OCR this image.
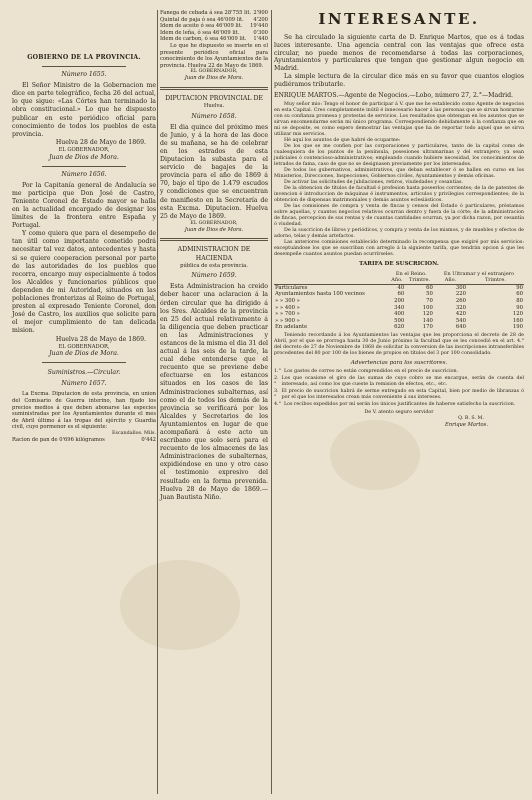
GOBIERNO DE LA PROVINCIA.
Número 1655.

El Señor Ministro de la Gobernacion me dice en parte telegráfico, fecha 26 del actual, lo que sigue: «Las Córtes han terminado la obra constitucional.» Lo que he dispuesto publicar en este periódico oficial para conocimiento de todos los pueblos de esta provincia.

Huelva 28 de Mayo de 1869.
EL GOBERNADOR,
Juan de Dios de Mora.
Número 1656.

Por la Capitanía general de Andalucía se me participa que Don José de Castro, Teniente Coronel de Estado mayor se halla en la actualidad encargado de designar los límites de la frontera entre España y Portugal.

Y como quiera que para el desempeño de tan útil como importante cometido podrá necesitar tal vez datos, antecedentes y hasta si se quiere cooperacion personal por parte de las autoridades de los pueblos que recorra, encargo muy especialmente á todos los Alcaldes y funcionarios públicos que dependen de mi Autoridad, situados en las poblaciones fronterizas al Reino de Portugal, presten al expresado Teniente Coronel, don José de Castro, los auxilios que solicite para el mejor cumplimiento de tan delicada mision.

Huelva 28 de Mayo de 1869.
EL GOBERNADOR,
Juan de Dios de Mora.
Suministros.—Circular.
Número 1657.

La Excma. Diputacion de esta provincia, en union del Comisario de Guerra interino, han fijado los precios medios á que deben abonarse las especies suministradas por los Ayuntamientos durante el mes de Abril último á las tropas del ejército y Guardia civil, cuyo pormenor es el siguiente:

Escandallos. Mils.
Racion de pan de 0'696 kilógramos	0'442
Fanega de cebada á sea 28'755 lit. 2'900
Quintal de paja ó sea 46'009 lit. 4'200
Idem de aceite ó sea 46'009 lit. 19'440
Idem de leña, ó sea 46'009 lit.	0'300
Idem de carbon, ó sea 46'009 lit. 1'440

Lo que he dispuesto se inserte en el presente periódico oficial para conocimiento de los Ayuntamientos de la provincia. Huelva 22 de Mayo de 1869.

EL GOBERNADOR,
Juan de Dios de Mora.
DIPUTACION PROVINCIAL DE
Huelva.
Número 1658.

El dia quince del próximo mes de Junio, y á la hora de las doce de su mañana, se ha de celebrar en los estrados de esta Diputacion la subasta para el servicio de bagajes de la provincia para el año de 1869 á 70, bajo el tipo de 1.479 escudos y condiciones que se encuentran de manifiesto en la Secretaría de esta Excma. Diputacion. Huelva 25 de Mayo de 1869.

EL GOBERNADOR,
Juan de Dios de Mora.
ADMINISTRACION DE HACIENDA
pública de esta provincia.
Número 1659.

Esta Administracion ha creido deber hacer una aclaracion á la órden circular que ha dirigido á los Sres. Alcaldes de la provincia en 25 del actual relativamente á la diligencia que deben practicar en las Administraciones y estancos de la misma el dia 31 del actual á las seis de la tarde, la cual debe entenderse que el recuento que se previene debe efectuarse en los estancos situados en los casos de las Administraciones subalternas, así como el de todos los demás de la provincia se verificará por los Alcaldes y Secretarios de los Ayuntamientos en lugar de que acompañará á este acto un escribano que solo será para el recuento de los almacenes de las Administraciones de subalternas, expidiéndose en uno y otro caso el testimonio expresivo del resultado en la forma prevenida. Huelva 28 de Mayo de 1869.—Juan Bautista Niño.

INTERESANTE.

Se ha circulado la siguiente carta de D. Enrique Martos, que es á todas luces interesante. Una agencia central con las ventajas que ofrece esta circular, no puede menos de recomendarse á todas las corporaciones, Ayuntamientos y particulares que tengan que gestionar algun negocio en Madrid.

La simple lectura de la circular dice más en su favor que cuantos elogios pudiéramos tributarle.

ENRIQUE MARTOS.—Agente de Negocios.—Lobo, número 27, 2.°—Madrid.

Muy señor mio: Tengo el honor de participar á V. que me he establecido como Agente de negocios en esta Capital. Creo completamente inútil é innecesario hacer á las personas que se sirvan honrarme con su confianza promesa y protestas de servicios. Los resultados que obtengan en los asuntos que se sirvan encomendarme serán mi único programa. Correspondiendo debidamente á la confianza que en mí se deposite, es como espero demostrar las ventajas que ha de reportar todo aquel que se sirva utilizar mis servicios.

Hé aquí los asuntos de que habré de ocuparme:

De los que se me confien por las corporaciones y particulares, tanto de la capital como de cualesquiera de los puntos de la península, posesiones ultramarinas y del extranjero; ya sean judiciales ó contencioso-administrativos; empleando cuando hubiere necesidad, los conocimientos de letrados de fama, caso de que no se designasen previamente por los interesados.

De todos los gubernativos, administrativos, que deban establecer ó se hallen en curso en los Ministerios, Direcciones, Inspecciones, Gobiernos civiles, Ayuntamientos y demás oficinas.

De activar las solicitudes de jubilaciones, retiros, viudedades y cesantías.

De la obtencion de títulos de facultad ó profesion hasta poseerlos corrientes; de la de patentes de invencion é introduccion de máquinas é instrumentos, artículos y privilegios correspondientes; de la obtencion de dispensas matrimoniales y demás asuntos eclesiásticos.

De las comisiones de compra y venta de fincas y censos del Estado ó particulares, préstamos sobre aquellas, y cuantos negocios relativos ocurran dentro y fuera de la córte; de la administracion de fincas, percepcion de sus rentas y de cuantas cantidades ocurran, ya por dicha razon, por cesantía ó viudedad.

De la suscricion de libros y periódicos, y compra y venta de los mismos, y de muebles y efectos de adorno, telas y demás artefactos.

Las anteriores comisiones establecido determinado la recompensa que exigiré por mis servicios: exceptuándose los que se suscriban con arreglo á la siguiente tarifa, que tendrán opcion á que les desempeñe cuantos asuntos puedan ocurrírseles.

TARIFA DE SUSCRICION.
	En el Reino.		En Ultramar y el extranjero	
	Año.	Trimtre.	Año.	Trimtre.
Particulares	40	60	300	90
Ayuntamientos hasta 100 vecinos	60	50	220	60
» » 300 »	200	70	260	80
» » 400 »	340	100	320	90
» » 700 »	400	120	420	120
» » 900 »	500	140	540	160
En adelante	620	170	640	190

Teniendo recordando á los Ayuntamientos las ventajas que les proporciona el decreto de 28 de Abril, por el que se prorroga hasta 30 de Junio próximo la facultad que se les concedió en el art. 4.° del decreto de 27 de Noviembre de 1868 de solicitar la conversion de las inscripciones intransferibles procedentes del 80 por 100 de los bienes de propios en títulos del 3 por 100 consolidado.

Advertencias para los suscritores.
1.° Los gastos de correo no están comprendidos en el precio de suscricion.
2.°
Los que ocasione el giro de las sumas de cuyo cobro se me encargue, serán de cuenta del interesado, así como los que cueste la remision de efectos, etc., etc.
3.°
El precio de suscricion habrá de serme entregado en esta Capital, bien por medio de libranzas ó por el que los interesados crean más conveniente á sus intereses.
4.° Los recibos expedidos por mí serán los únicos justificantes de haberse satisfecho la suscricion.
De V. atento seguro servidor
Q. B. S. M.
Enrique Martos.
